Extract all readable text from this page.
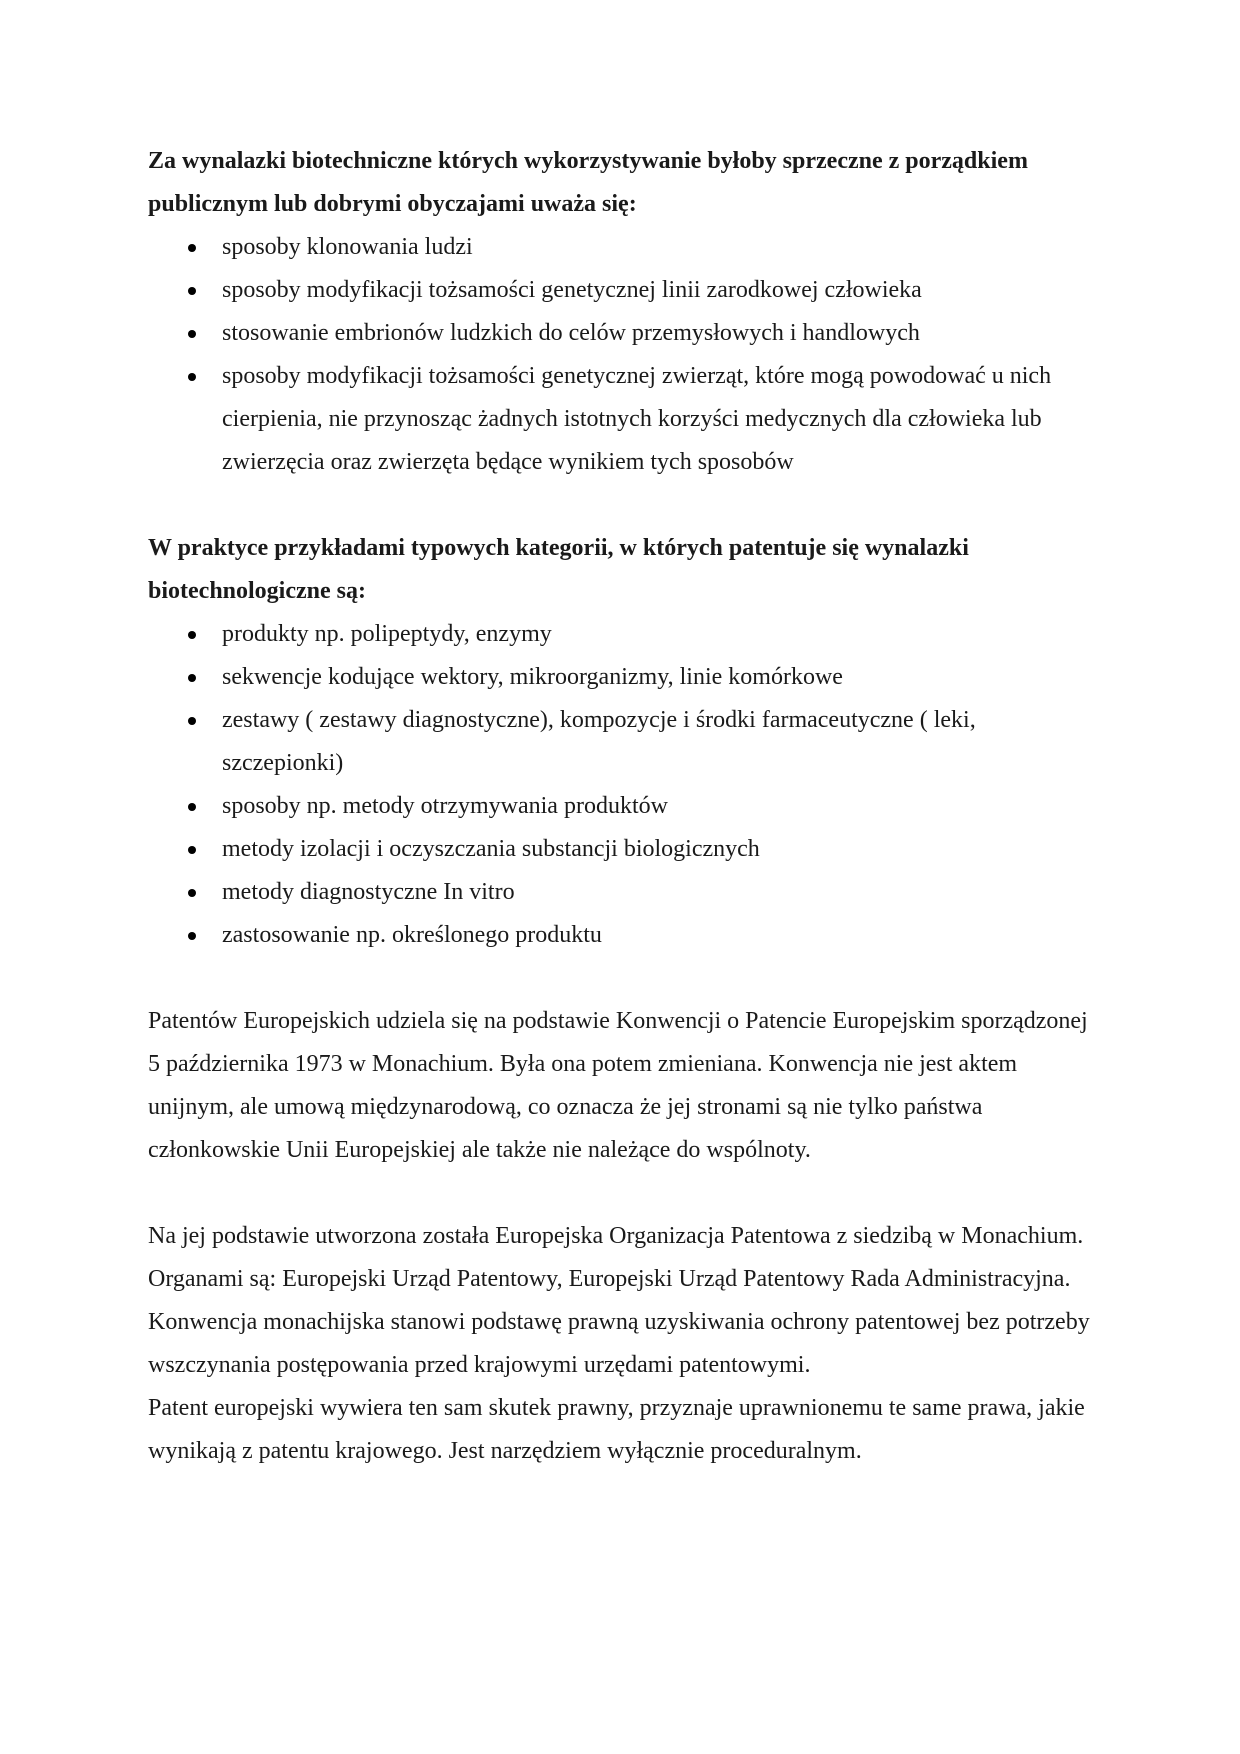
Za wynalazki biotechniczne których wykorzystywanie byłoby sprzeczne z porządkiem publicznym lub dobrymi obyczajami uważa się:

sposoby klonowania ludzi
sposoby modyfikacji tożsamości genetycznej linii zarodkowej człowieka
stosowanie embrionów ludzkich do celów przemysłowych i handlowych
sposoby modyfikacji tożsamości genetycznej zwierząt, które mogą powodować u nich cierpienia, nie przynosząc żadnych istotnych korzyści medycznych dla człowieka lub zwierzęcia oraz zwierzęta będące wynikiem tych sposobów

W praktyce przykładami typowych kategorii, w których patentuje się wynalazki biotechnologiczne są:

produkty np. polipeptydy, enzymy
sekwencje kodujące wektory, mikroorganizmy, linie komórkowe
zestawy ( zestawy diagnostyczne), kompozycje i środki farmaceutyczne ( leki, szczepionki)
sposoby np. metody otrzymywania produktów
metody izolacji i oczyszczania substancji biologicznych
metody diagnostyczne In vitro
zastosowanie np. określonego produktu

Patentów Europejskich udziela się na podstawie Konwencji o Patencie Europejskim sporządzonej 5 października 1973 w Monachium. Była ona potem zmieniana. Konwencja nie jest aktem unijnym, ale umową międzynarodową, co oznacza że jej stronami są nie tylko państwa członkowskie Unii Europejskiej ale także nie należące do wspólnoty.

Na jej podstawie utworzona została Europejska Organizacja Patentowa z siedzibą w Monachium. Organami są: Europejski Urząd Patentowy, Europejski Urząd Patentowy Rada Administracyjna.

Konwencja monachijska stanowi podstawę prawną uzyskiwania ochrony patentowej bez potrzeby wszczynania postępowania przed krajowymi urzędami patentowymi.

Patent europejski wywiera ten sam skutek prawny, przyznaje uprawnionemu te same prawa, jakie wynikają z patentu krajowego. Jest narzędziem wyłącznie proceduralnym.
